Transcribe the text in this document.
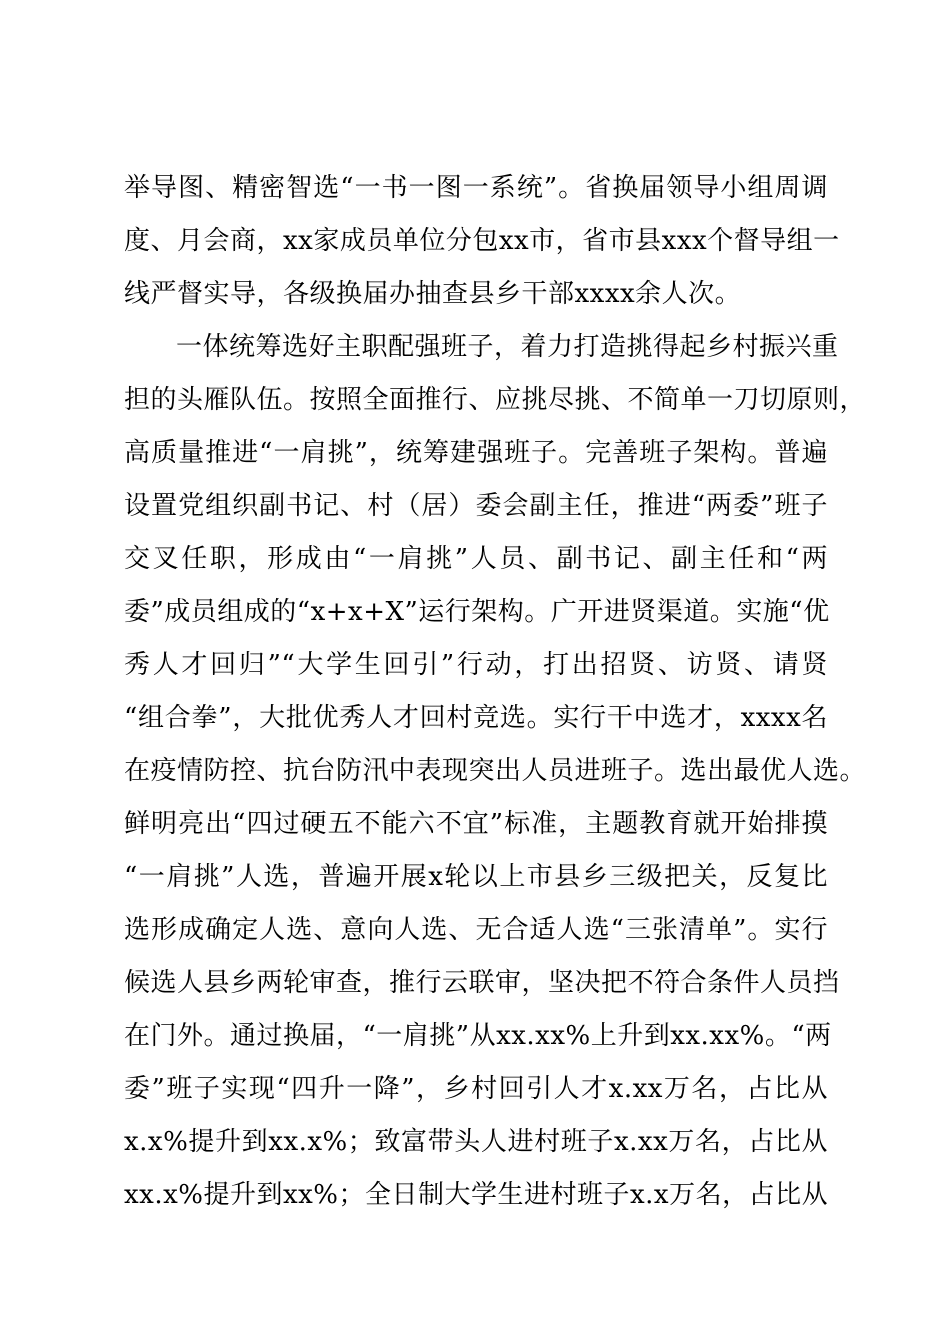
举导图、精密智选“一书一图一系统”。省换届领导小组周调
度、月会商，xx家成员单位分包xx市，省市县xxx个督导组一
线严督实导，各级换届办抽查县乡干部xxxx余人次。
一体统筹选好主职配强班子，着力打造挑得起乡村振兴重
担的头雁队伍。按照全面推行、应挑尽挑、不简单一刀切原则，
高质量推进“一肩挑”，统筹建强班子。完善班子架构。普遍
设置党组织副书记、村（居）委会副主任，推进“两委”班子
交叉任职，形成由“一肩挑”人员、副书记、副主任和“两
委”成员组成的“x+x+X”运行架构。广开进贤渠道。实施“优
秀人才回归”“大学生回引”行动，打出招贤、访贤、请贤
“组合拳”，大批优秀人才回村竞选。实行干中选才，xxxx名
在疫情防控、抗台防汛中表现突出人员进班子。选出最优人选。
鲜明亮出“四过硬五不能六不宜”标准，主题教育就开始排摸
“一肩挑”人选，普遍开展x轮以上市县乡三级把关，反复比
选形成确定人选、意向人选、无合适人选“三张清单”。实行
候选人县乡两轮审查，推行云联审，坚决把不符合条件人员挡
在门外。通过换届，“一肩挑”从xx.xx%上升到xx.xx%。“两
委”班子实现“四升一降”，乡村回引人才x.xx万名，占比从
x.x%提升到xx.x%；致富带头人进村班子x.xx万名，占比从
xx.x%提升到xx%；全日制大学生进村班子x.x万名，占比从
